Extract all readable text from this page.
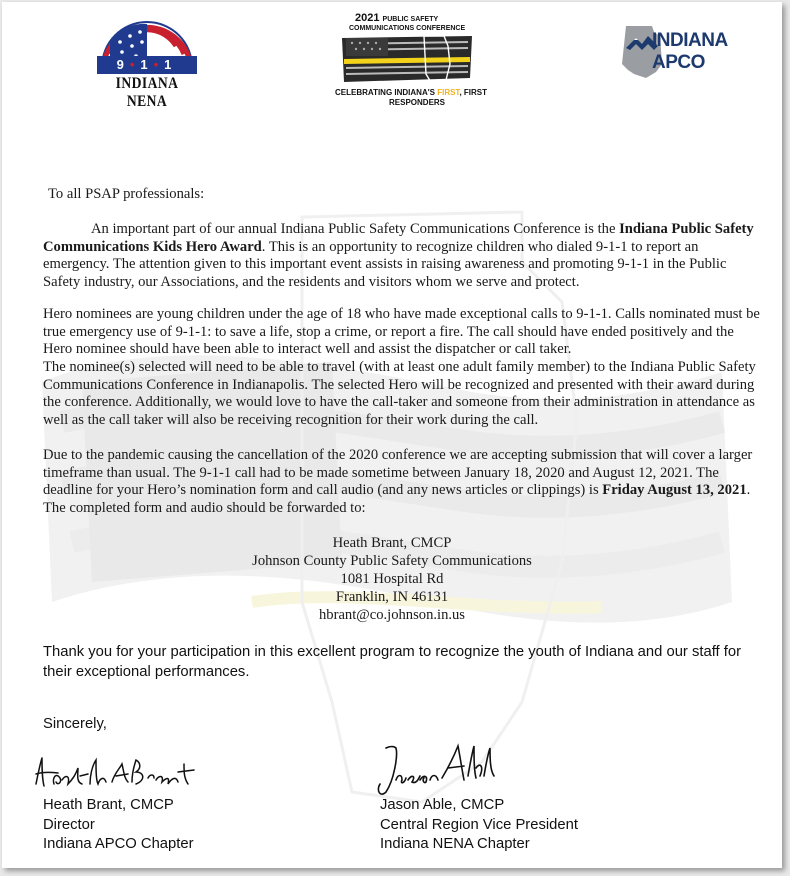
9•1•1
INDIANA NENA
2021 PUBLIC SAFETY
COMMUNICATIONS CONFERENCE
CELEBRATING INDIANA'S FIRST, FIRST
RESPONDERS
INDIANA
APCO
To all PSAP professionals:
An important part of our annual Indiana Public Safety Communications Conference is the Indiana Public Safety Communications Kids Hero Award. This is an opportunity to recognize children who dialed 9-1-1 to report an emergency. The attention given to this important event assists in raising awareness and promoting 9-1-1 in the Public Safety industry, our Associations, and the residents and visitors whom we serve and protect.
Hero nominees are young children under the age of 18 who have made exceptional calls to 9-1-1. Calls nominated must be true emergency use of 9-1-1: to save a life, stop a crime, or report a fire. The call should have ended positively and the Hero nominee should have been able to interact well and assist the dispatcher or call taker.
The nominee(s) selected will need to be able to travel (with at least one adult family member) to the Indiana Public Safety Communications Conference in Indianapolis. The selected Hero will be recognized and presented with their award during the conference. Additionally, we would love to have the call-taker and someone from their administration in attendance as well as the call taker will also be receiving recognition for their work during the call.
Due to the pandemic causing the cancellation of the 2020 conference we are accepting submission that will cover a larger timeframe than usual. The 9-1-1 call had to be made sometime between January 18, 2020 and August 12, 2021. The deadline for your Hero’s nomination form and call audio (and any news articles or clippings) is Friday August 13, 2021. The completed form and audio should be forwarded to:
Heath Brant, CMCP
Johnson County Public Safety Communications
1081 Hospital Rd
Franklin, IN 46131
hbrant@co.johnson.in.us
Thank you for your participation in this excellent program to recognize the youth of Indiana and our staff for their exceptional performances.
Sincerely,
Heath Brant, CMCP
Director
Indiana APCO Chapter
Jason Able, CMCP
Central Region Vice President
Indiana NENA Chapter
